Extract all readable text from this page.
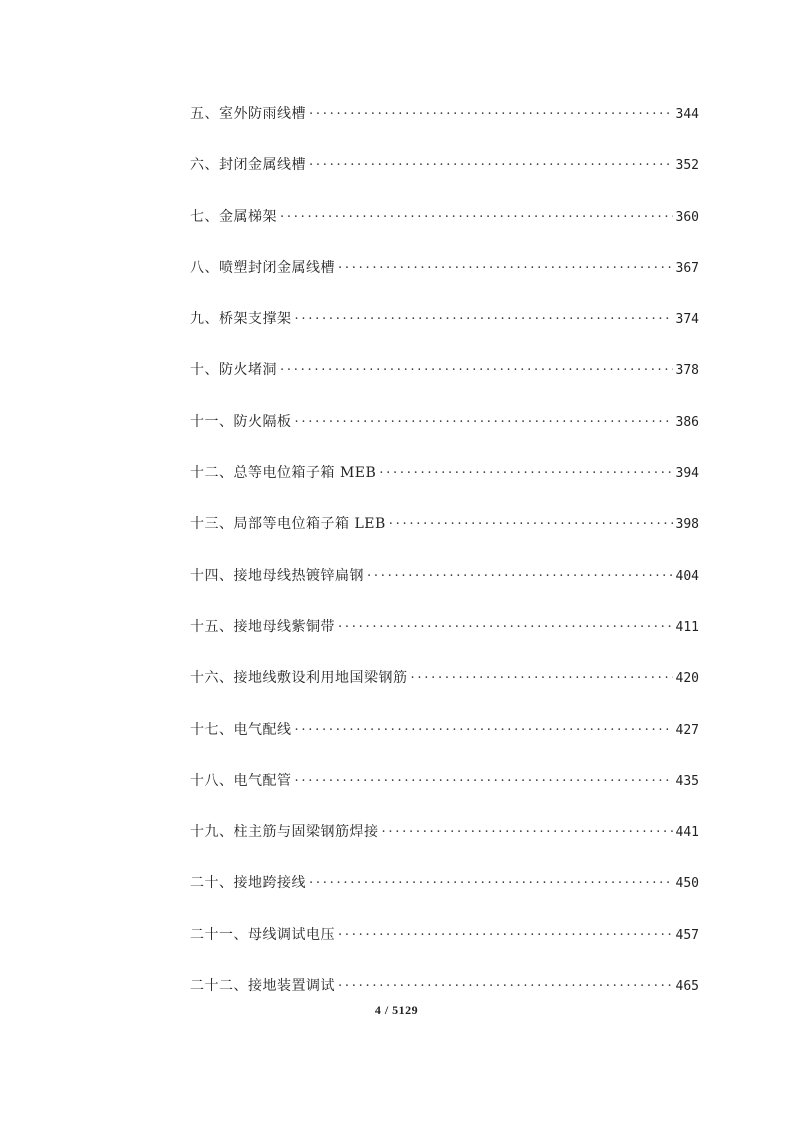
五、室外防雨线槽 . . .	344
六、封闭金属线槽 . . .	352
七、金属梯架 . . .	360
八、喷塑封闭金属线槽 . . .	367
九、桥架支撑架 . . .	374
十、防火堵洞 . . .	378
十一、防火隔板 . . .	386
十二、总等电位箱子箱 MEB . . .	394
十三、局部等电位箱子箱 LEB . . .	398
十四、接地母线热镀锌扁钢 . . .	404
十五、接地母线紫铜带 . . .	411
十六、接地线敷设利用地国梁钢筋 . . .	420
十七、电气配线 . . .	427
十八、电气配管 . . .	435
十九、柱主筋与固梁钢筋焊接 . . .	441
二十、接地跨接线 . . .	450
二十一、母线调试电压 . . .	457
二十二、接地装置调试 . . .	465
4 / 5129
